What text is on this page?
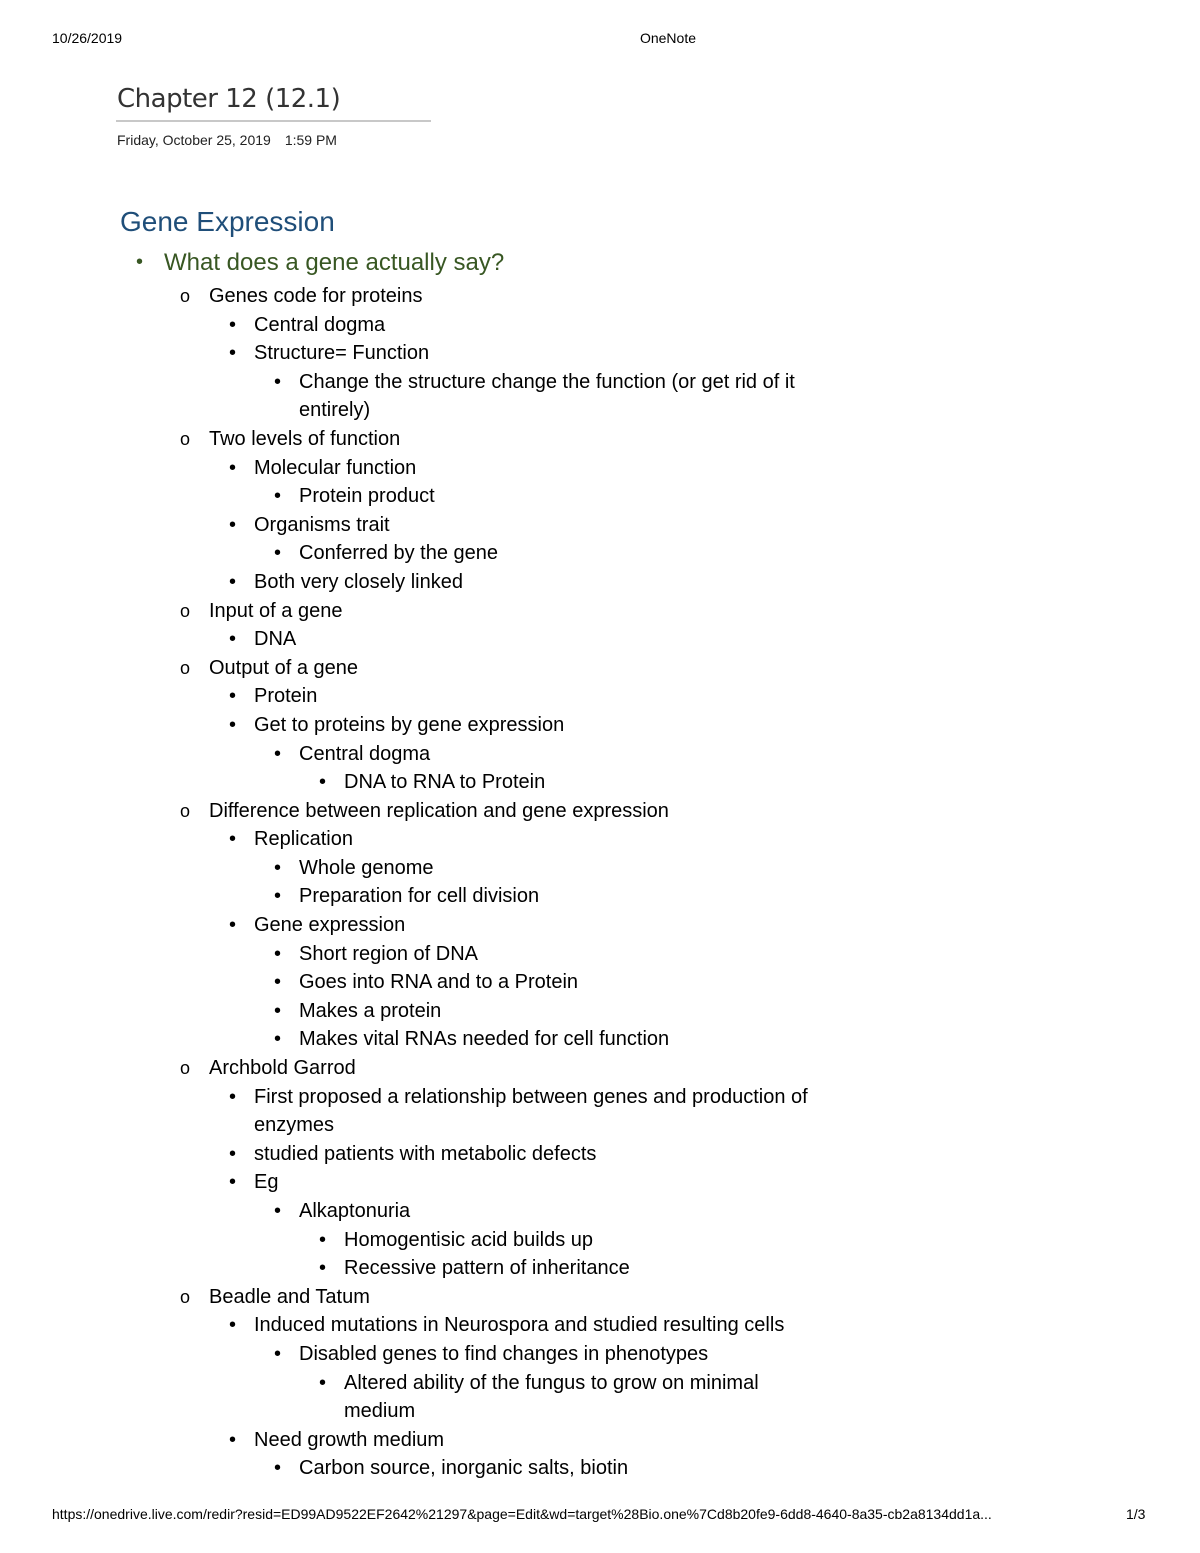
10/26/2019	OneNote
Chapter 12 (12.1)
Friday, October 25, 2019 1:59 PM
Gene Expression
• What does a gene actually say?
o Genes code for proteins
• Central dogma
• Structure= Function
• Change the structure change the function (or get rid of it entirely)
o Two levels of function
• Molecular function
• Protein product
• Organisms trait
• Conferred by the gene
• Both very closely linked
o Input of a gene
• DNA
o Output of a gene
• Protein
• Get to proteins by gene expression
• Central dogma
• DNA to RNA to Protein
o Difference between replication and gene expression
• Replication
• Whole genome
• Preparation for cell division
• Gene expression
• Short region of DNA
• Goes into RNA and to a Protein
• Makes a protein
• Makes vital RNAs needed for cell function
o Archbold Garrod
• First proposed a relationship between genes and production of enzymes
• studied patients with metabolic defects
• Eg
• Alkaptonuria
• Homogentisic acid builds up
• Recessive pattern of inheritance
o Beadle and Tatum
• Induced mutations in Neurospora and studied resulting cells
• Disabled genes to find changes in phenotypes
• Altered ability of the fungus to grow on minimal medium
• Need growth medium
• Carbon source, inorganic salts, biotin
https://onedrive.live.com/redir?resid=ED99AD9522EF2642%21297&page=Edit&wd=target%28Bio.one%7Cd8b20fe9-6dd8-4640-8a35-cb2a8134dd1a...	1/3
